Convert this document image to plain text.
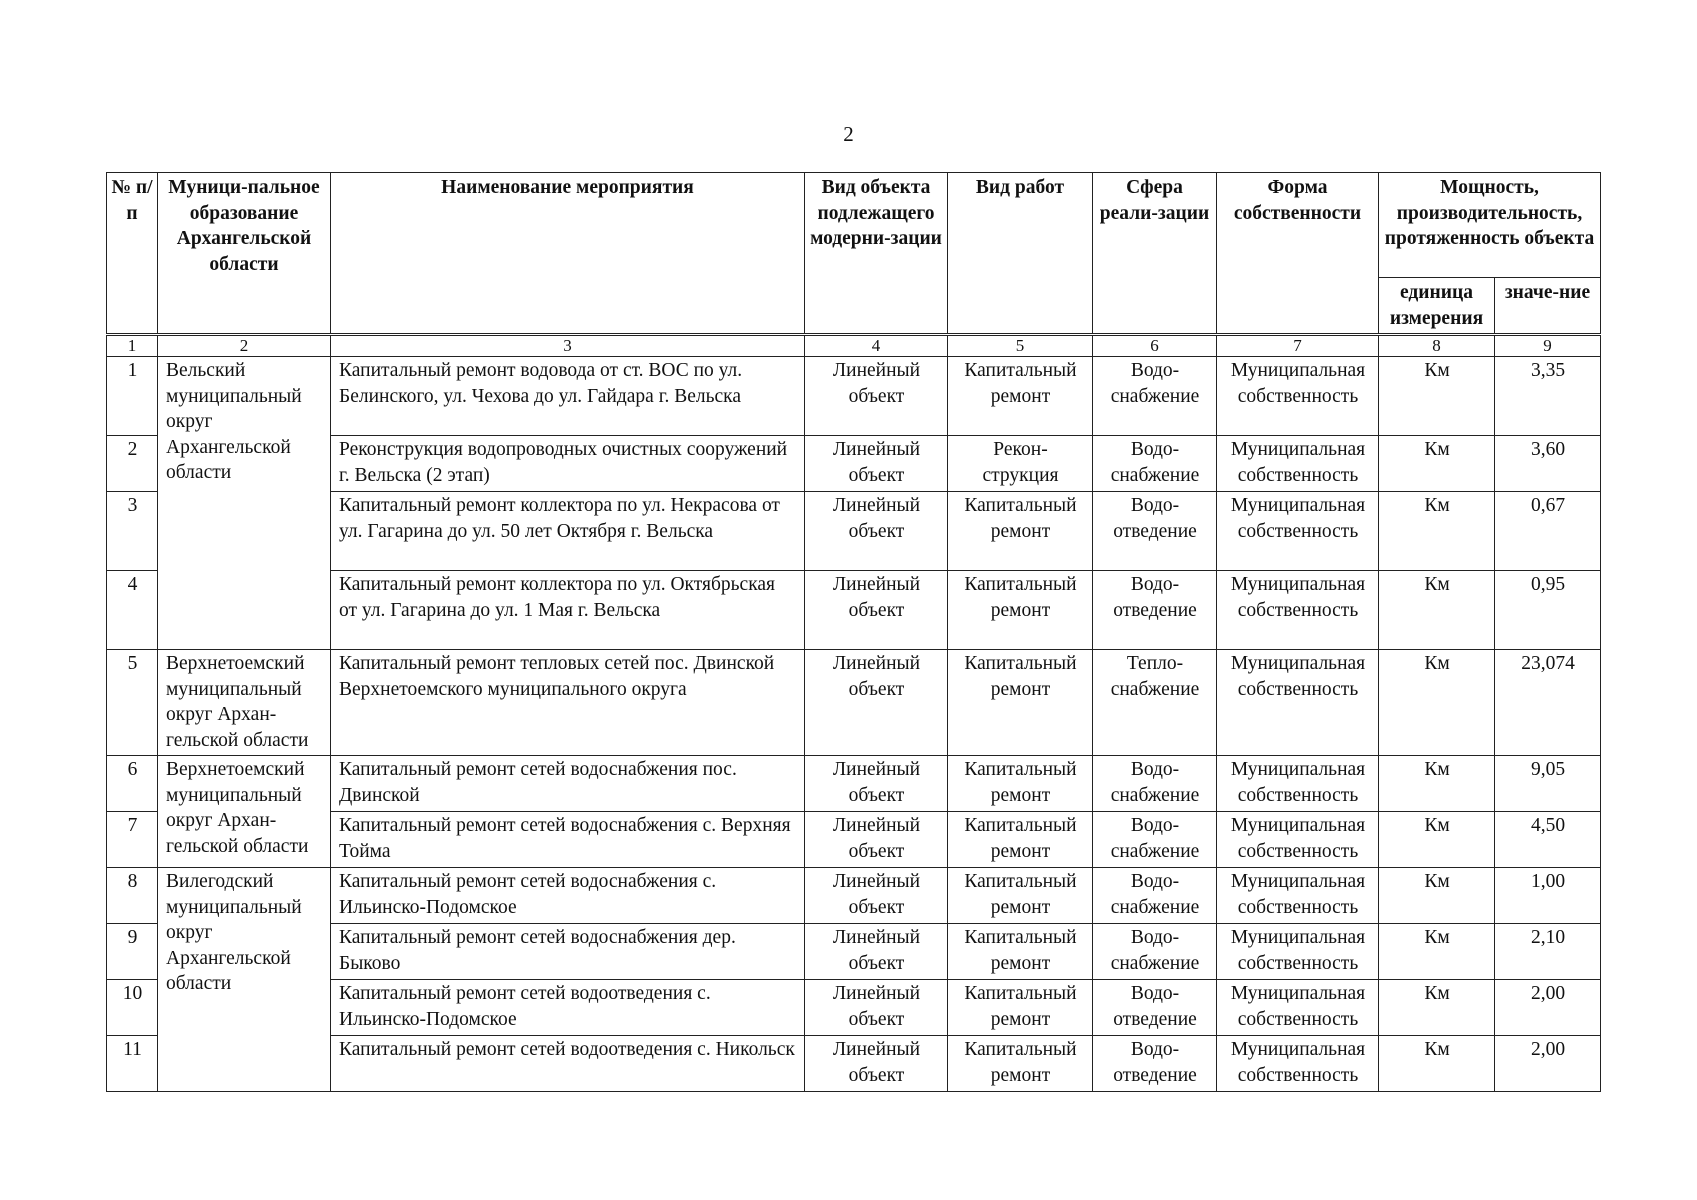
2
№ п/п	Муници-пальное образование Архангельской области	Наименование мероприятия	Вид объекта подлежащего модерни-зации	Вид работ	Сфера реали-зации	Форма собственности	Мощность, производительность, протяженность объекта	
							единица измерения	значе-ние
1	2	3	4	5	6	7	8	9
1	Вельский муниципальный округ Архангельской области	Капитальный ремонт водовода от ст. ВОС по ул. Белинского, ул. Чехова до ул. Гайдара г. Вельска	Линейный объект	Капитальный ремонт	Водо-снабжение	Муниципальная собственность	Км	3,35
2		Реконструкция водопроводных очистных сооружений г. Вельска (2 этап)	Линейный объект	Рекон-струкция	Водо-снабжение	Муниципальная собственность	Км	3,60
3		Капитальный ремонт коллектора по ул. Некрасова от ул. Гагарина до ул. 50 лет Октября г. Вельска	Линейный объект	Капитальный ремонт	Водо-отведение	Муниципальная собственность	Км	0,67
4		Капитальный ремонт коллектора по ул. Октябрьская от ул. Гагарина до ул. 1 Мая г. Вельска	Линейный объект	Капитальный ремонт	Водо-отведение	Муниципальная собственность	Км	0,95
5	Верхнетоемский муниципальный округ Архан-гельской области	Капитальный ремонт тепловых сетей пос. Двинской Верхнетоемского муниципального округа	Линейный объект	Капитальный ремонт	Тепло-снабжение	Муниципальная собственность	Км	23,074
6	Верхнетоемский муниципальный округ Архан-гельской области	Капитальный ремонт сетей водоснабжения пос. Двинской	Линейный объект	Капитальный ремонт	Водо-снабжение	Муниципальная собственность	Км	9,05
7		Капитальный ремонт сетей водоснабжения с. Верхняя Тойма	Линейный объект	Капитальный ремонт	Водо-снабжение	Муниципальная собственность	Км	4,50
8	Вилегодский муниципальный округ Архангельской области	Капитальный ремонт сетей водоснабжения с. Ильинско-Подомское	Линейный объект	Капитальный ремонт	Водо-снабжение	Муниципальная собственность	Км	1,00
9		Капитальный ремонт сетей водоснабжения дер. Быково	Линейный объект	Капитальный ремонт	Водо-снабжение	Муниципальная собственность	Км	2,10
10		Капитальный ремонт сетей водоотведения с. Ильинско-Подомское	Линейный объект	Капитальный ремонт	Водо-отведение	Муниципальная собственность	Км	2,00
11		Капитальный ремонт сетей водоотведения с. Никольск	Линейный объект	Капитальный ремонт	Водо-отведение	Муниципальная собственность	Км	2,00
